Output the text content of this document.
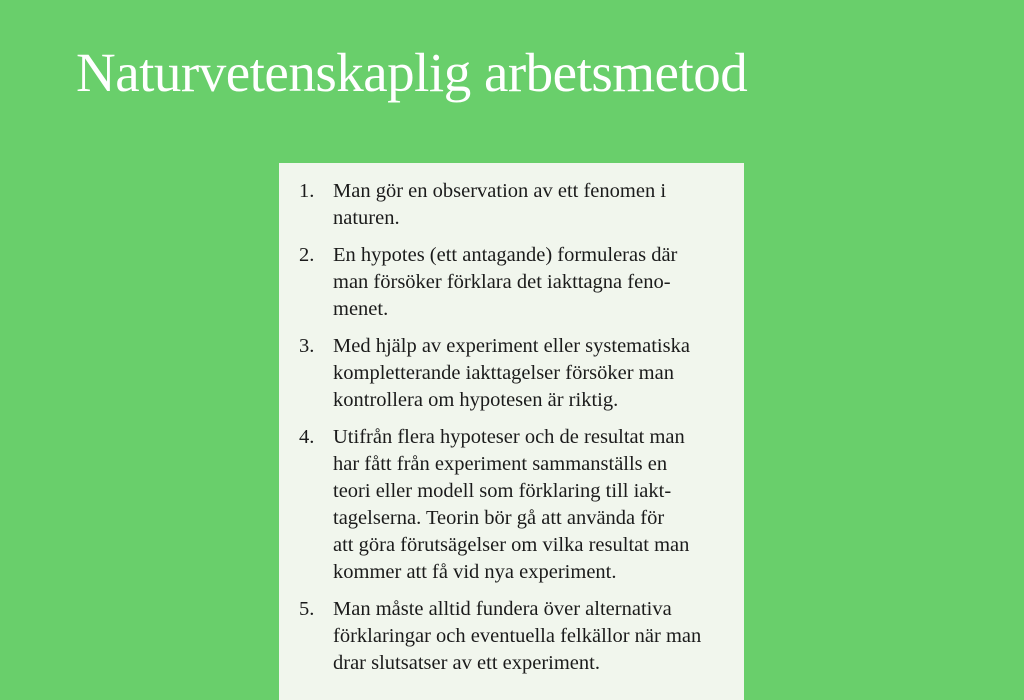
Naturvetenskaplig arbetsmetod
1. Man gör en observation av ett fenomen i
naturen.
2. En hypotes (ett antagande) formuleras där
man försöker förklara det iakttagna feno-
menet.
3. Med hjälp av experiment eller systematiska
kompletterande iakttagelser försöker man
kontrollera om hypotesen är riktig.
4. Utifrån flera hypoteser och de resultat man
har fått från experiment sammanställs en
teori eller modell som förklaring till iakt-
tagelserna. Teorin bör gå att använda för
att göra förutsägelser om vilka resultat man
kommer att få vid nya experiment.
5. Man måste alltid fundera över alternativa
förklaringar och eventuella felkällor när man
drar slutsatser av ett experiment.
